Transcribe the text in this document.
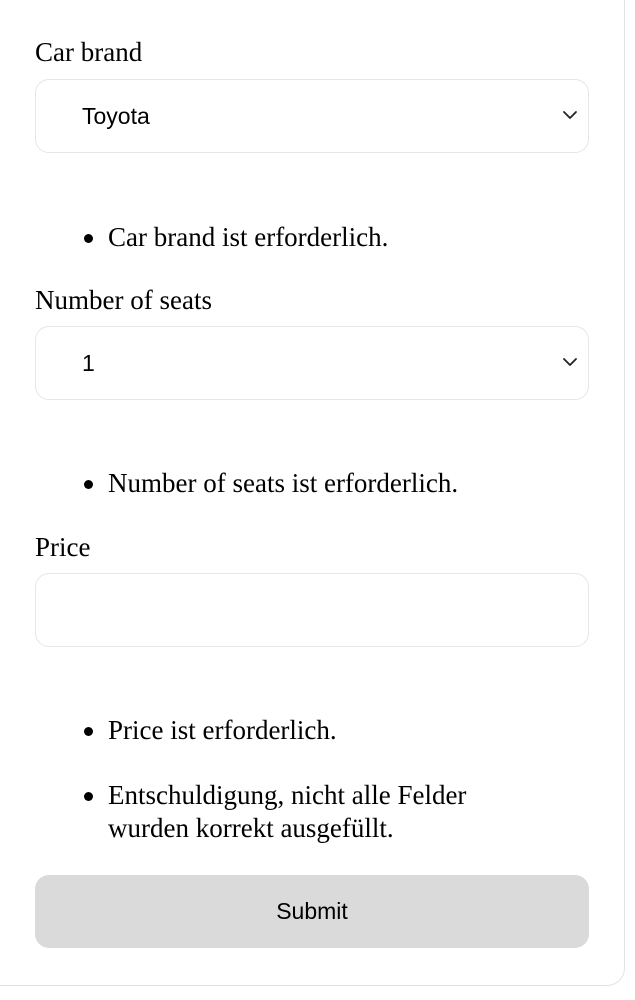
Car brand
Toyota
Car brand ist erforderlich.
Number of seats
1
Number of seats ist erforderlich.
Price
Price ist erforderlich.
Entschuldigung, nicht alle Felder wurden korrekt ausgefüllt.
Submit
